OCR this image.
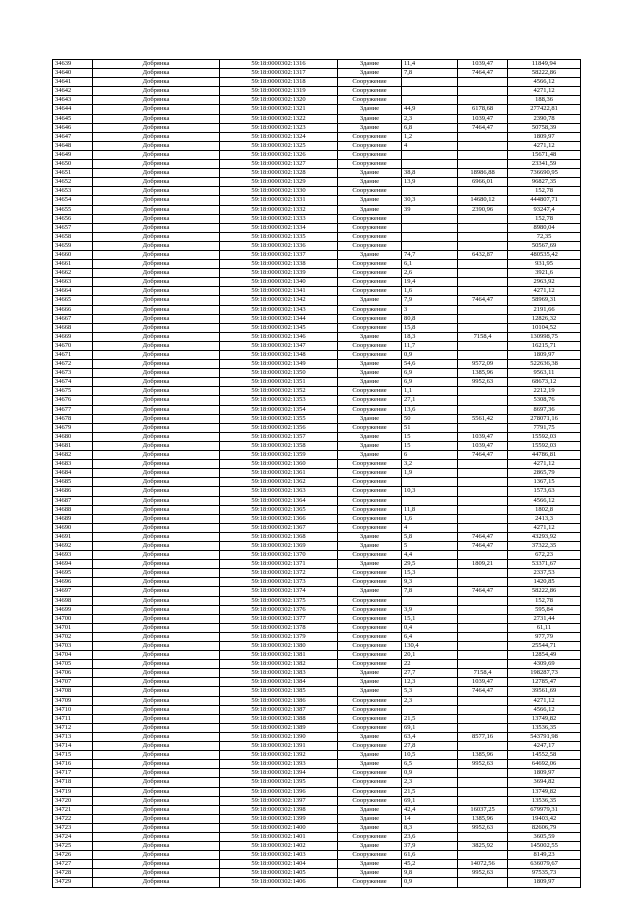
34639	Добрянка	59:18:0000302:1316	Здание	11,4	1039,47	11849,94
34640	Добрянка	59:18:0000302:1317	Здание	7,8	7464,47	58222,86
34641	Добрянка	59:18:0000302:1318	Сооружение			4566,12
34642	Добрянка	59:18:0000302:1319	Сооружение			4271,12
34643	Добрянка	59:18:0000302:1320	Сооружение			188,36
34644	Добрянка	59:18:0000302:1321	Здание	44,9	6178,68	277422,81
34645	Добрянка	59:18:0000302:1322	Здание	2,3	1039,47	2390,78
34646	Добрянка	59:18:0000302:1323	Здание	6,8	7464,47	50758,39
34647	Добрянка	59:18:0000302:1324	Сооружение	1,2		1809,97
34648	Добрянка	59:18:0000302:1325	Сооружение	4		4271,12
34649	Добрянка	59:18:0000302:1326	Сооружение			15671,48
34650	Добрянка	59:18:0000302:1327	Сооружение			23341,59
34651	Добрянка	59:18:0000302:1328	Здание	38,8	18986,88	736690,95
34652	Добрянка	59:18:0000302:1329	Здание	13,9	6966,01	96827,35
34653	Добрянка	59:18:0000302:1330	Сооружение			152,78
34654	Добрянка	59:18:0000302:1331	Здание	30,3	14680,12	444807,71
34655	Добрянка	59:18:0000302:1332	Здание	39	2390,96	93247,4
34656	Добрянка	59:18:0000302:1333	Сооружение			152,78
34657	Добрянка	59:18:0000302:1334	Сооружение			8980,04
34658	Добрянка	59:18:0000302:1335	Сооружение			72,35
34659	Добрянка	59:18:0000302:1336	Сооружение			50567,69
34660	Добрянка	59:18:0000302:1337	Здание	74,7	6432,87	480535,42
34661	Добрянка	59:18:0000302:1338	Сооружение	6,1		931,95
34662	Добрянка	59:18:0000302:1339	Сооружение	2,6		3921,6
34663	Добрянка	59:18:0000302:1340	Сооружение	19,4		2963,92
34664	Добрянка	59:18:0000302:1341	Сооружение	1,6		4271,12
34665	Добрянка	59:18:0000302:1342	Здание	7,9	7464,47	58969,31
34666	Добрянка	59:18:0000302:1343	Сооружение	3		2191,66
34667	Добрянка	59:18:0000302:1344	Сооружение	80,8		12826,32
34668	Добрянка	59:18:0000302:1345	Сооружение	15,8		10104,52
34669	Добрянка	59:18:0000302:1346	Здание	18,3	7158,4	130998,75
34670	Добрянка	59:18:0000302:1347	Сооружение	11,7		16215,71
34671	Добрянка	59:18:0000302:1348	Сооружение	0,9		1809,97
34672	Добрянка	59:18:0000302:1349	Здание	54,6	9572,09	522636,38
34673	Добрянка	59:18:0000302:1350	Здание	6,9	1385,96	9563,11
34674	Добрянка	59:18:0000302:1351	Здание	6,9	9952,63	68673,12
34675	Добрянка	59:18:0000302:1352	Сооружение	1,1		2212,19
34676	Добрянка	59:18:0000302:1353	Сооружение	27,1		5308,76
34677	Добрянка	59:18:0000302:1354	Сооружение	13,6		8697,36
34678	Добрянка	59:18:0000302:1355	Здание	50	5561,42	278071,16
34679	Добрянка	59:18:0000302:1356	Сооружение	51		7791,75
34680	Добрянка	59:18:0000302:1357	Здание	15	1039,47	15592,03
34681	Добрянка	59:18:0000302:1358	Здание	15	1039,47	15592,03
34682	Добрянка	59:18:0000302:1359	Здание	6	7464,47	44786,81
34683	Добрянка	59:18:0000302:1360	Сооружение	3,2		4271,12
34684	Добрянка	59:18:0000302:1361	Сооружение	1,9		2865,79
34685	Добрянка	59:18:0000302:1362	Сооружение			1367,15
34686	Добрянка	59:18:0000302:1363	Сооружение	10,3		1573,63
34687	Добрянка	59:18:0000302:1364	Сооружение			4566,12
34688	Добрянка	59:18:0000302:1365	Сооружение	11,8		1802,8
34689	Добрянка	59:18:0000302:1366	Сооружение	1,6		2413,3
34690	Добрянка	59:18:0000302:1367	Сооружение	4		4271,12
34691	Добрянка	59:18:0000302:1368	Здание	5,8	7464,47	43293,92
34692	Добрянка	59:18:0000302:1369	Здание	5	7464,47	37322,35
34693	Добрянка	59:18:0000302:1370	Сооружение	4,4		672,23
34694	Добрянка	59:18:0000302:1371	Здание	29,5	1809,21	53371,67
34695	Добрянка	59:18:0000302:1372	Сооружение	15,3		2337,53
34696	Добрянка	59:18:0000302:1373	Сооружение	9,3		1420,85
34697	Добрянка	59:18:0000302:1374	Здание	7,8	7464,47	58222,86
34698	Добрянка	59:18:0000302:1375	Сооружение			152,78
34699	Добрянка	59:18:0000302:1376	Сооружение	3,9		595,84
34700	Добрянка	59:18:0000302:1377	Сооружение	15,1		2731,44
34701	Добрянка	59:18:0000302:1378	Сооружение	0,4		61,11
34702	Добрянка	59:18:0000302:1379	Сооружение	6,4		977,79
34703	Добрянка	59:18:0000302:1380	Сооружение	130,4		25544,71
34704	Добрянка	59:18:0000302:1381	Сооружение	20,1		12854,49
34705	Добрянка	59:18:0000302:1382	Сооружение	22		4309,69
34706	Добрянка	59:18:0000302:1383	Здание	27,7	7158,4	198287,73
34707	Добрянка	59:18:0000302:1384	Здание	12,3	1039,47	12785,47
34708	Добрянка	59:18:0000302:1385	Здание	5,3	7464,47	39561,69
34709	Добрянка	59:18:0000302:1386	Сооружение	2,3		4271,12
34710	Добрянка	59:18:0000302:1387	Сооружение			4566,12
34711	Добрянка	59:18:0000302:1388	Сооружение	21,5		13749,82
34712	Добрянка	59:18:0000302:1389	Сооружение	69,1		13536,35
34713	Добрянка	59:18:0000302:1390	Здание	63,4	8577,16	543791,98
34714	Добрянка	59:18:0000302:1391	Сооружение	27,8		4247,17
34715	Добрянка	59:18:0000302:1392	Здание	10,5	1385,96	14552,58
34716	Добрянка	59:18:0000302:1393	Здание	6,5	9952,63	64692,06
34717	Добрянка	59:18:0000302:1394	Сооружение	0,9		1809,97
34718	Добрянка	59:18:0000302:1395	Сооружение	2,3		3694,82
34719	Добрянка	59:18:0000302:1396	Сооружение	21,5		13749,82
34720	Добрянка	59:18:0000302:1397	Сооружение	69,1		13536,35
34721	Добрянка	59:18:0000302:1398	Здание	42,4	16037,25	679979,31
34722	Добрянка	59:18:0000302:1399	Здание	14	1385,96	19403,42
34723	Добрянка	59:18:0000302:1400	Здание	8,3	9952,63	82606,79
34724	Добрянка	59:18:0000302:1401	Сооружение	23,6		3605,59
34725	Добрянка	59:18:0000302:1402	Здание	37,9	3825,92	145002,55
34726	Добрянка	59:18:0000302:1403	Сооружение	61,6		8149,23
34727	Добрянка	59:18:0000302:1404	Здание	45,2	14072,56	636079,67
34728	Добрянка	59:18:0000302:1405	Здание	9,8	9952,63	97535,73
34729	Добрянка	59:18:0000302:1406	Сооружение	0,9		1809,97
